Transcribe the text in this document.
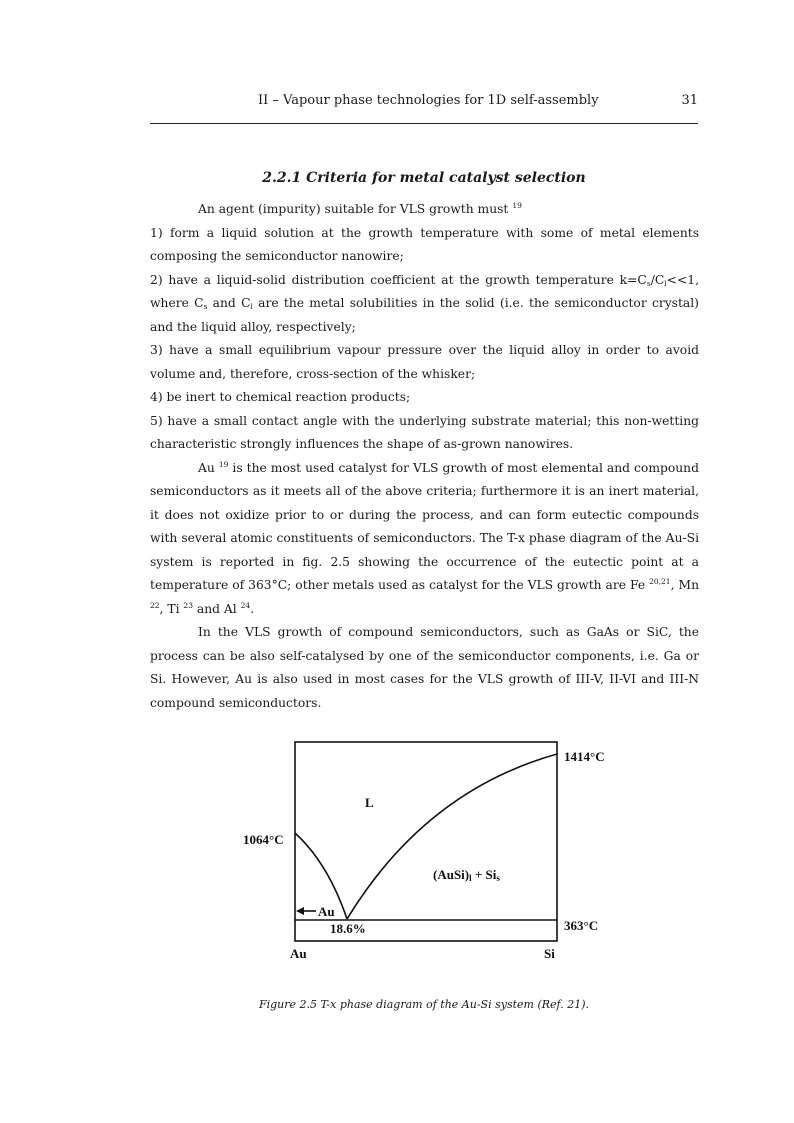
II – Vapour phase technologies for 1D self-assembly	31
2.2.1 Criteria for metal catalyst selection

An agent (impurity) suitable for VLS growth must $^{19}$

1) form a liquid solution at the growth temperature with some of metal elements composing the semiconductor nanowire;

2) have a liquid-solid distribution coefficient at the growth temperature $k=C_s/C_l<<1$, where $C_s$ and $C_l$ are the metal solubilities in the solid (i.e. the semiconductor crystal) and the liquid alloy, respectively;

3) have a small equilibrium vapour pressure over the liquid alloy in order to avoid volume and, therefore, cross-section of the whisker;

4) be inert to chemical reaction products;

5) have a small contact angle with the underlying substrate material; this non-wetting characteristic strongly influences the shape of as-grown nanowires.

Au $^{19}$ is the most used catalyst for VLS growth of most elemental and compound semiconductors as it meets all of the above criteria; furthermore it is an inert material, it does not oxidize prior to or during the process, and can form eutectic compounds with several atomic constituents of semiconductors. The T-x phase diagram of the Au-Si system is reported in fig. 2.5 showing the occurrence of the eutectic point at a temperature of 363°C; other metals used as catalyst for the VLS growth are Fe $^{20,21}$, Mn $^{22}$, Ti $^{23}$ and Al $^{24}$.

In the VLS growth of compound semiconductors, such as GaAs or SiC, the process can be also self-catalysed by one of the semiconductor components, i.e. Ga or Si. However, Au is also used in most cases for the VLS growth of III-V, II-VI and III-N compound semiconductors.

1414°C
1064°C
L
(AuSi)l + Sis
Au
18.6%	363°C
Au	Si
Figure 2.5 T-x phase diagram of the Au-Si system (Ref. 21).
